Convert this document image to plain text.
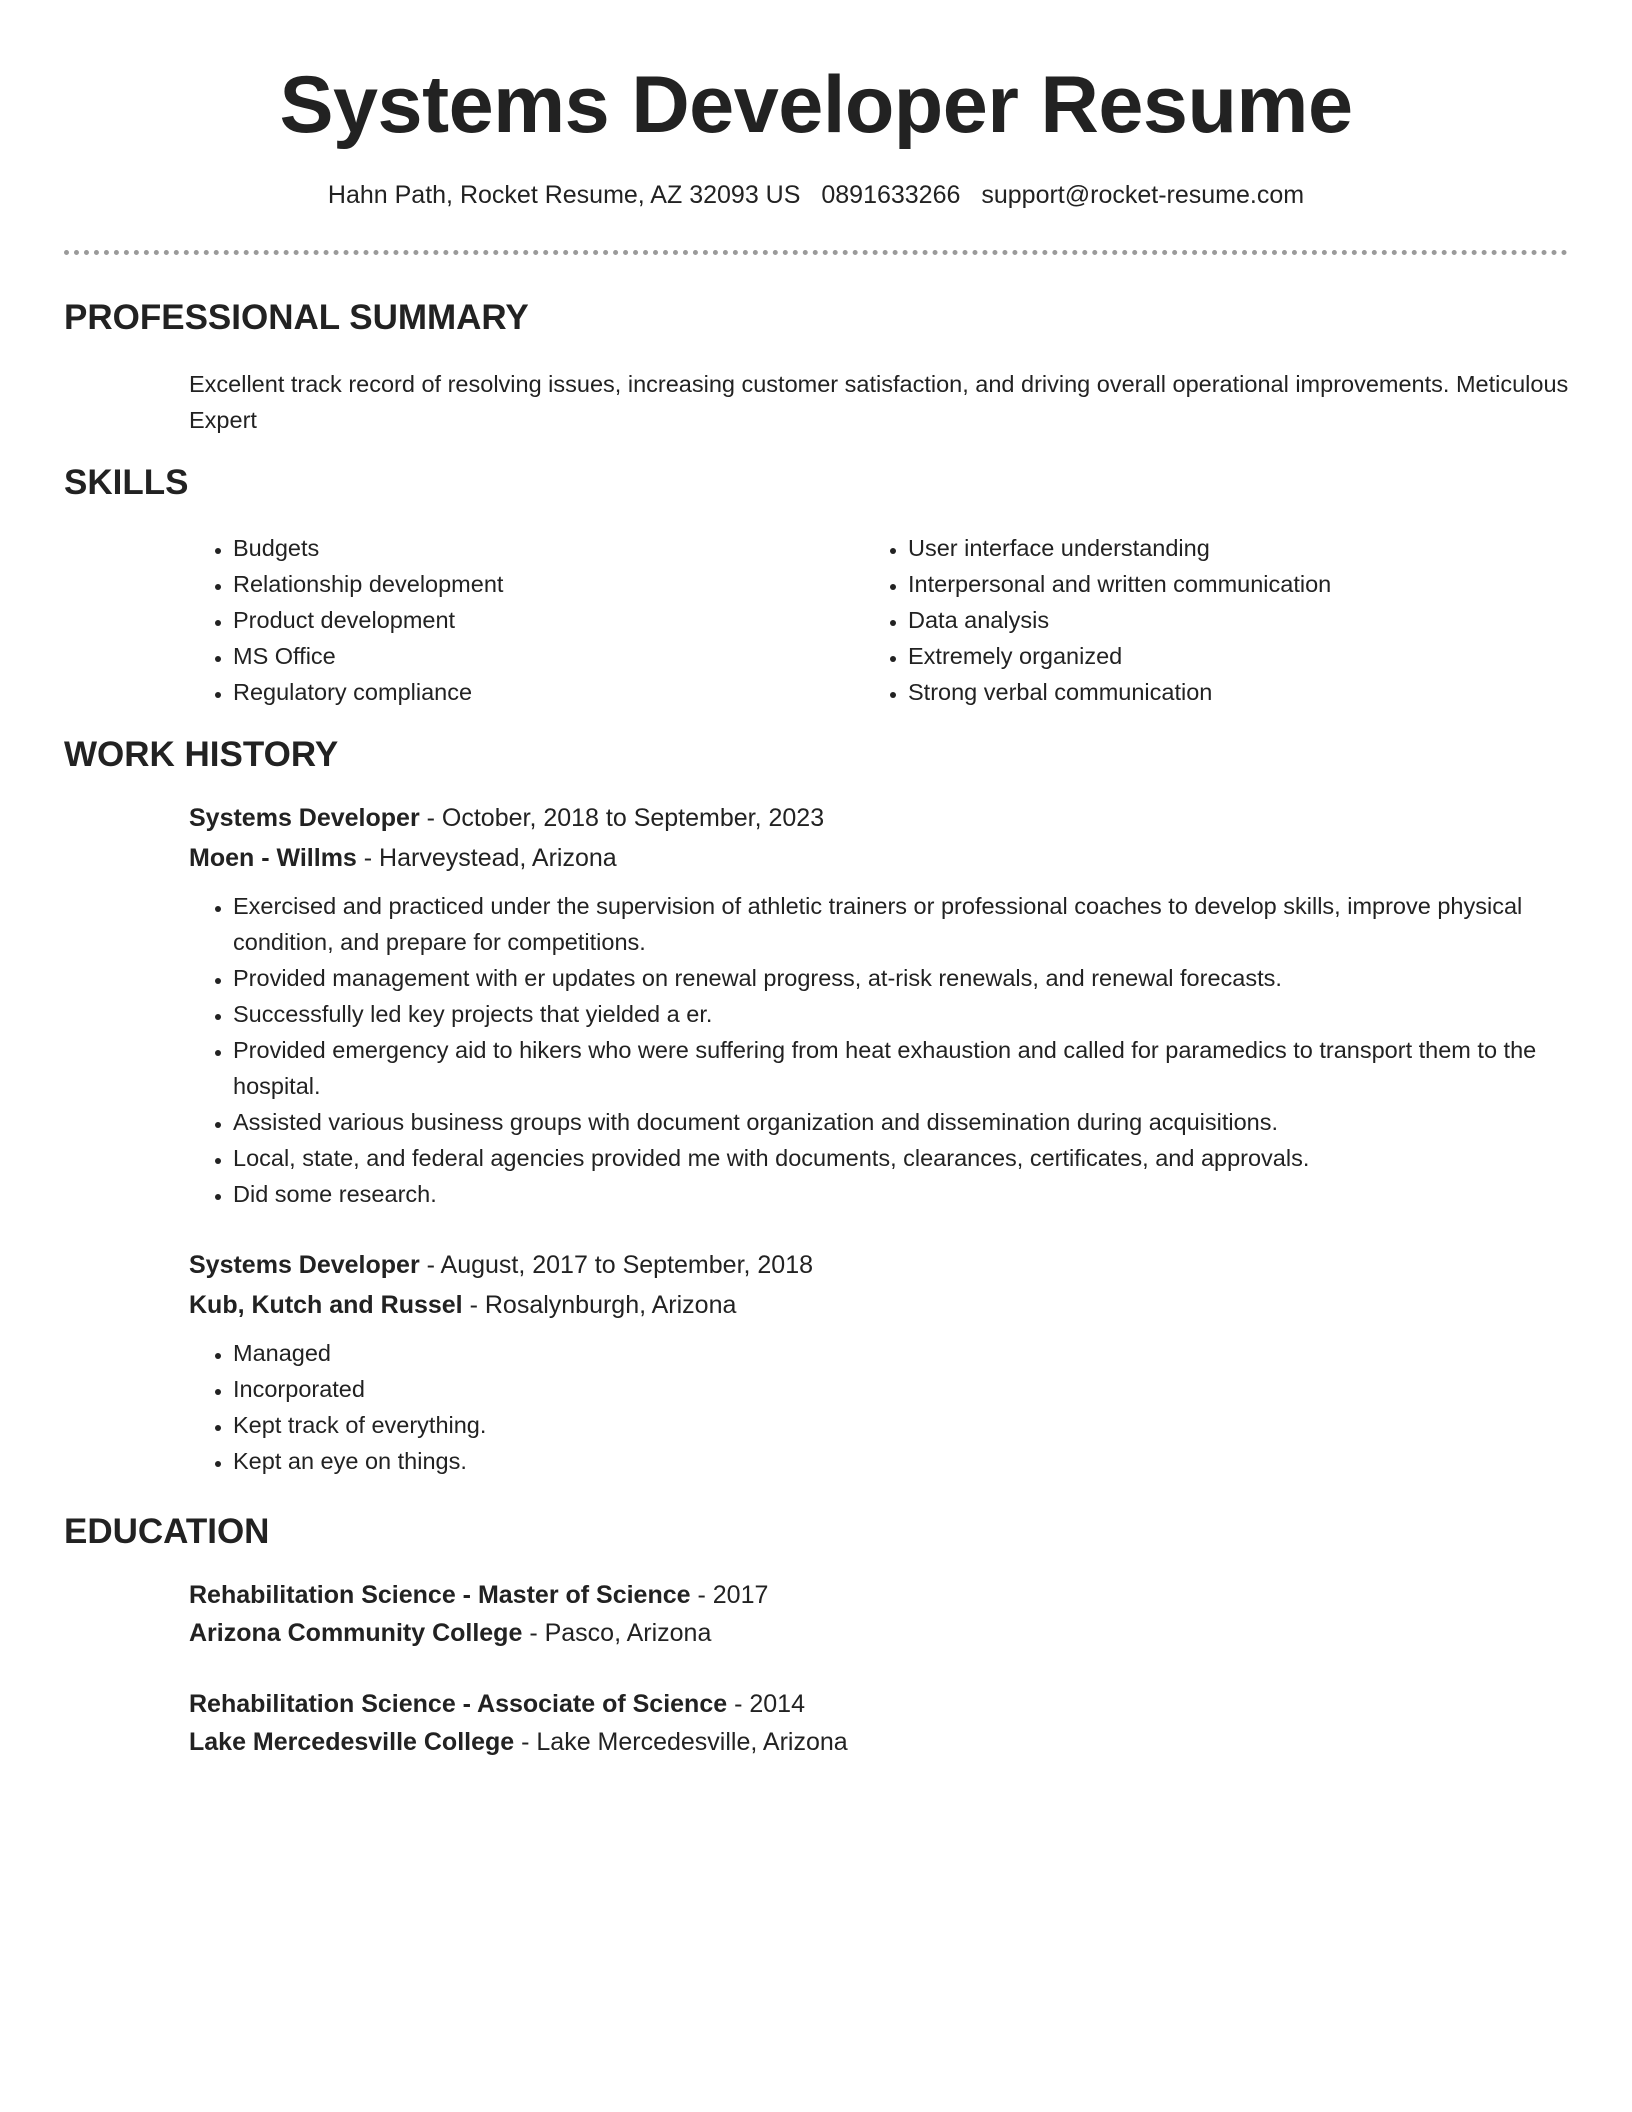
Systems Developer Resume
Hahn Path, Rocket Resume, AZ 32093 US 0891633266 support@rocket-resume.com
PROFESSIONAL SUMMARY
Excellent track record of resolving issues, increasing customer satisfaction, and driving overall operational improvements. Meticulous Expert
SKILLS
• Budgets
• Relationship development
• Product development
• MS Office
• Regulatory compliance
• User interface understanding
• Interpersonal and written communication
• Data analysis
• Extremely organized
• Strong verbal communication
WORK HISTORY
Systems Developer - October, 2018 to September, 2023
Moen - Willms - Harveystead, Arizona
• Exercised and practiced under the supervision of athletic trainers or professional coaches to develop skills, improve physical condition, and prepare for competitions.
• Provided management with er updates on renewal progress, at-risk renewals, and renewal forecasts.
• Successfully led key projects that yielded a er.
• Provided emergency aid to hikers who were suffering from heat exhaustion and called for paramedics to transport them to the hospital.
• Assisted various business groups with document organization and dissemination during acquisitions.
• Local, state, and federal agencies provided me with documents, clearances, certificates, and approvals.
• Did some research.
Systems Developer - August, 2017 to September, 2018
Kub, Kutch and Russel - Rosalynburgh, Arizona
• Managed
• Incorporated
• Kept track of everything.
• Kept an eye on things.
EDUCATION
Rehabilitation Science - Master of Science - 2017
Arizona Community College - Pasco, Arizona
Rehabilitation Science - Associate of Science - 2014
Lake Mercedesville College - Lake Mercedesville, Arizona
